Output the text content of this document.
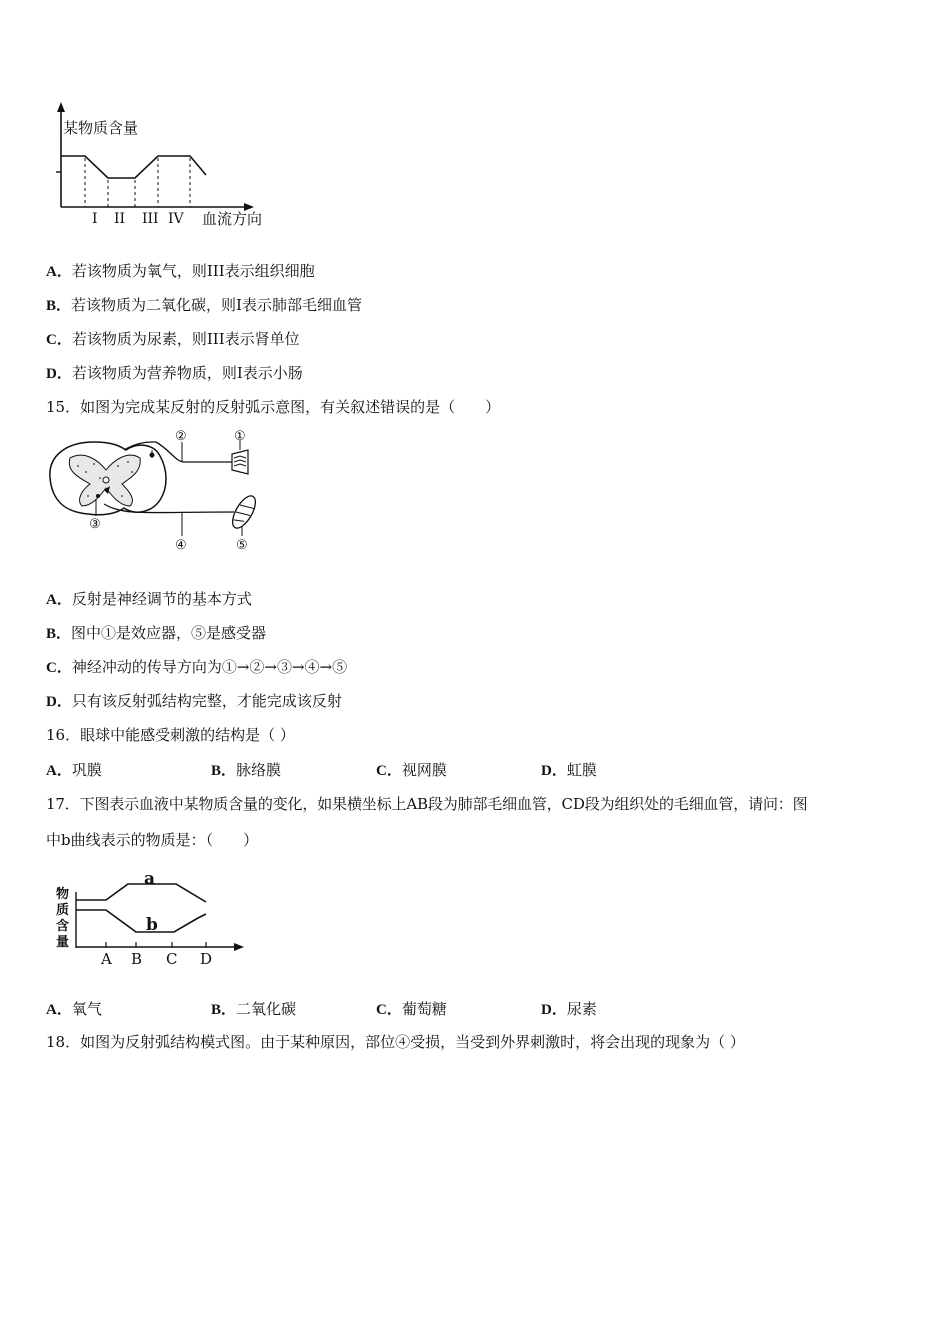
某物质含量
I II III IV 血流方向
A．若该物质为氧气，则III表示组织细胞
B．若该物质为二氧化碳，则I表示肺部毛细血管
C．若该物质为尿素，则III表示肾单位
D．若该物质为营养物质，则I表示小肠
15．如图为完成某反射的反射弧示意图，有关叙述错误的是（　　）
①
②
③
④	⑤
A．反射是神经调节的基本方式
B．图中①是效应器，⑤是感受器
C．神经冲动的传导方向为①→②→③→④→⑤
D．只有该反射弧结构完整，才能完成该反射
16．眼球中能感受刺激的结构是（ ）
A．巩膜	B．脉络膜	C．视网膜	D．虹膜
17．下图表示血液中某物质含量的变化，如果横坐标上AB段为肺部毛细血管，CD段为组织处的毛细血管，请问：图
中b曲线表示的物质是：（　　）
物
质
含
量
a
b
A B C D
A．氧气	B．二氧化碳	C．葡萄糖	D．尿素
18．如图为反射弧结构模式图。由于某种原因，部位④受损，当受到外界刺激时，将会出现的现象为（ ）
